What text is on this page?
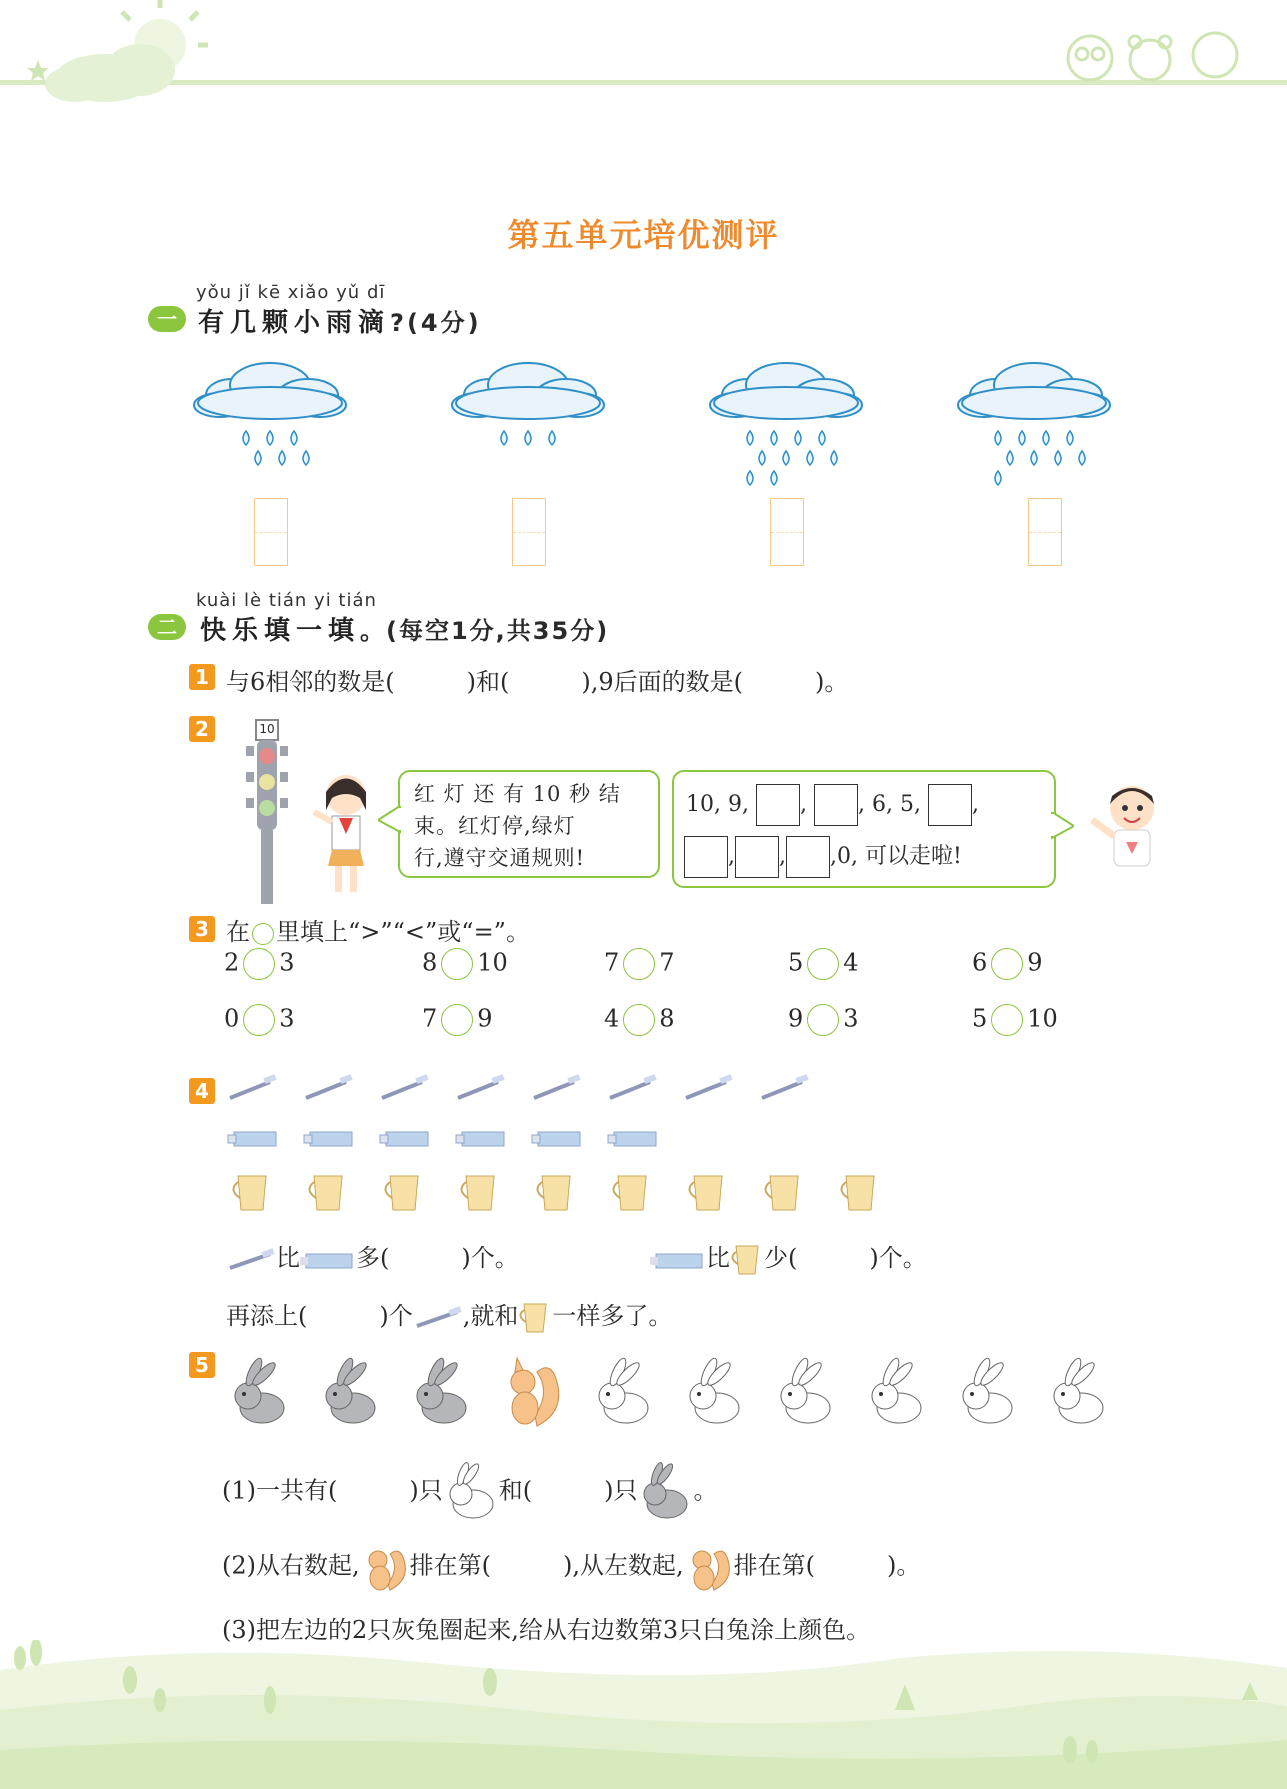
第五单元培优测评
yǒu jǐ kē xiǎo yǔ dī
一 有几颗小雨滴?(4分)
kuài lè tián yi tián
二 快乐填一填。(每空1分,共35分)
1 与6相邻的数是(　　　)和(　　　),9后面的数是(　　　)。
2	10
红 灯 还 有 10 秒 结
束。红灯停,绿灯
行,遵守交通规则!
10, 9, , , 6, 5, ,
, , ,0, 可以走啦!
3 在 里填上“>”“<”或“=”。
2 3	8 10	7 7	5 4	6 9
0 3	7 9	4 8	9 3	5 10
4
比 多(　　　)个。	比 少(　　　)个。
再添上(　　　)个 ,就和 一样多了。
5
(1)一共有(　　　)只 和(　　　)只 。
(2)从右数起, 排在第(　　　),从左数起, 排在第(　　　)。
(3)把左边的2只灰兔圈起来,给从右边数第3只白兔涂上颜色。
